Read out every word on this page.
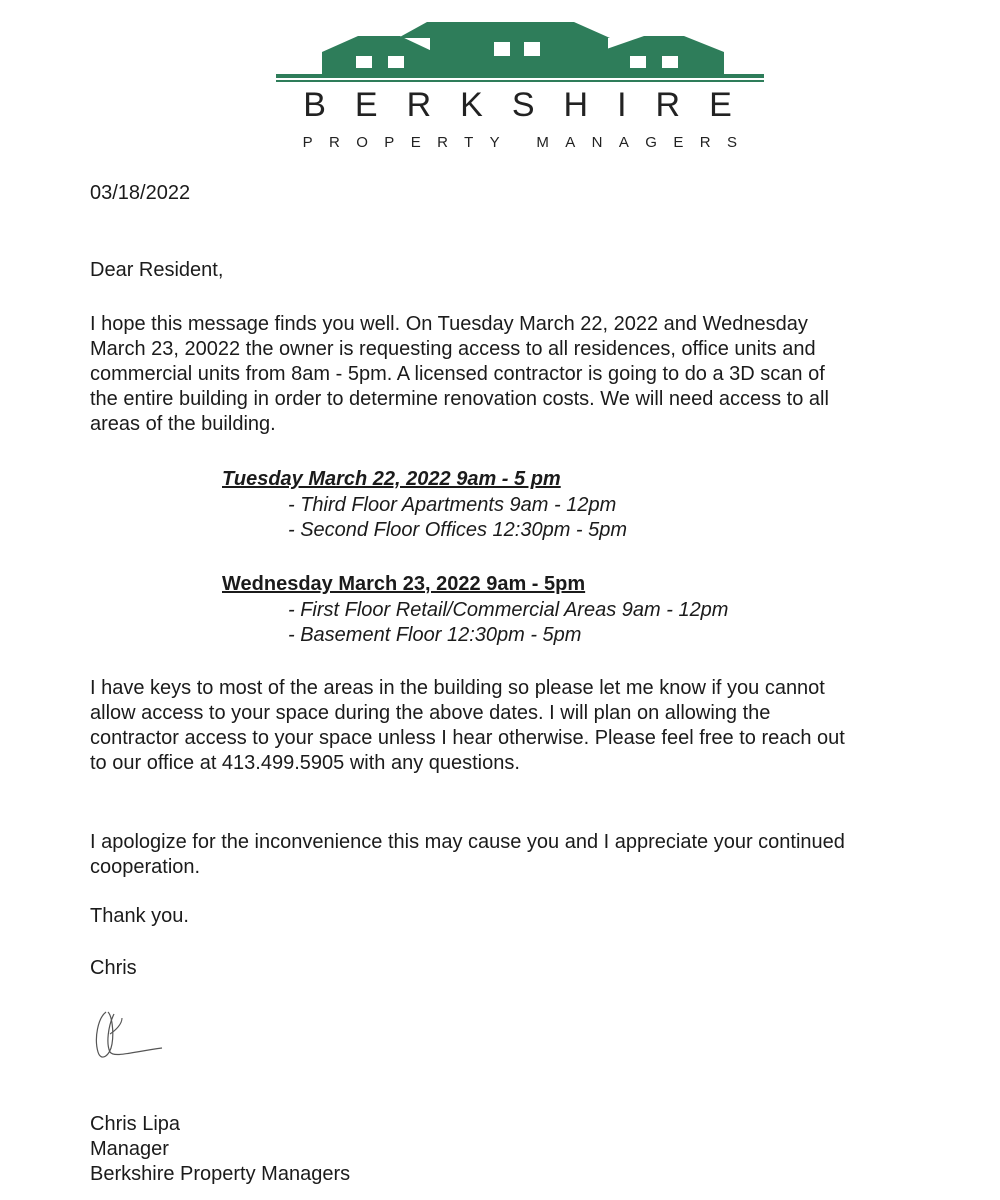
BERKSHIRE
PROPERTY MANAGERS
03/18/2022
Dear Resident,
I hope this message finds you well. On Tuesday March 22, 2022 and Wednesday
March 23, 20022 the owner is requesting access to all residences, office units and
commercial units from 8am - 5pm. A licensed contractor is going to do a 3D scan of
the entire building in order to determine renovation costs. We will need access to all
areas of the building.
Tuesday March 22, 2022 9am - 5 pm
- Third Floor Apartments 9am - 12pm
- Second Floor Offices 12:30pm - 5pm
Wednesday March 23, 2022 9am - 5pm
- First Floor Retail/Commercial Areas 9am - 12pm
- Basement Floor 12:30pm - 5pm
I have keys to most of the areas in the building so please let me know if you cannot
allow access to your space during the above dates. I will plan on allowing the
contractor access to your space unless I hear otherwise. Please feel free to reach out
to our office at 413.499.5905 with any questions.
I apologize for the inconvenience this may cause you and I appreciate your continued
cooperation.
Thank you.
Chris
Chris Lipa
Manager
Berkshire Property Managers
